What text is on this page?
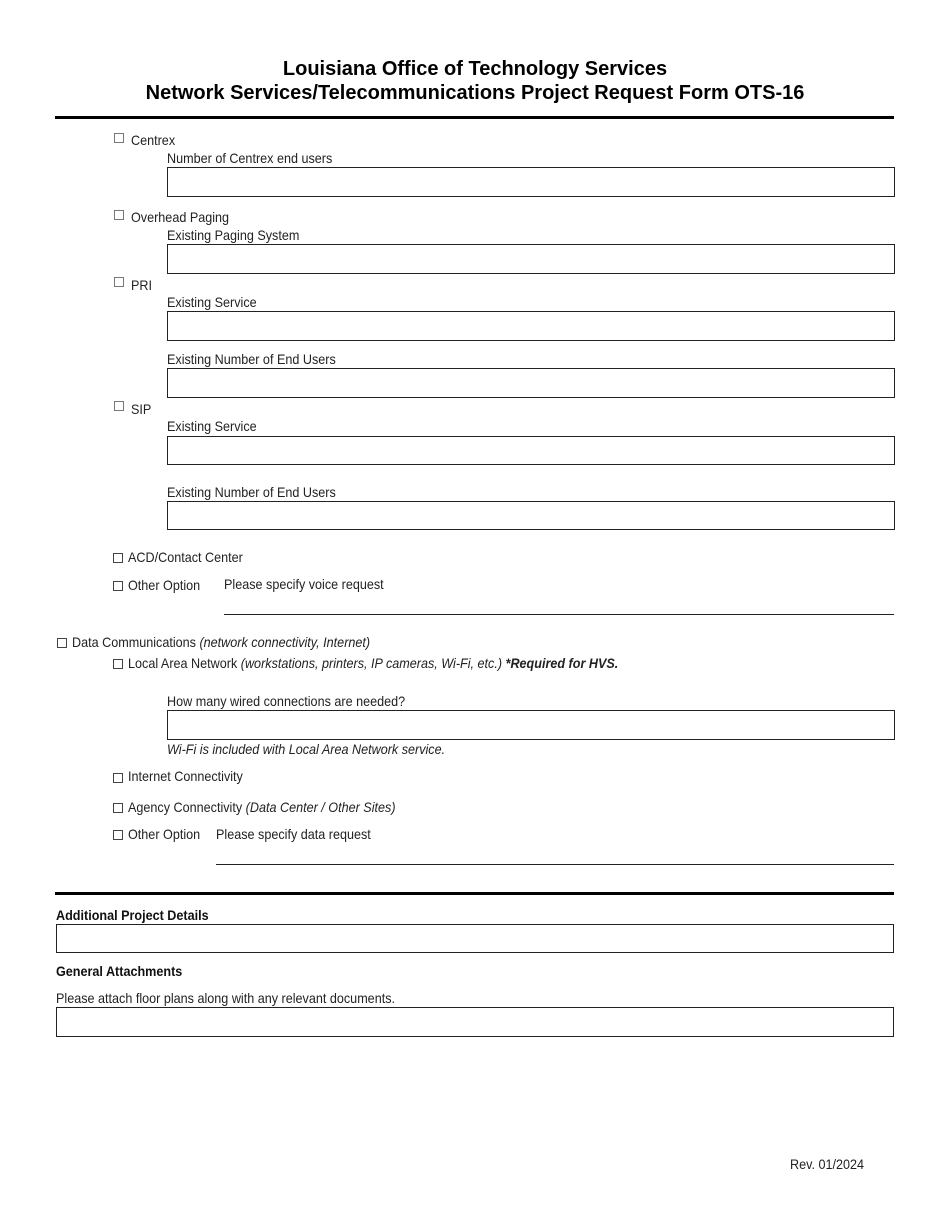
Louisiana Office of Technology Services
Network Services/Telecommunications Project Request Form OTS-16
Centrex
Number of Centrex end users
Overhead Paging
Existing Paging System
PRI
Existing Service
Existing Number of End Users
SIP
Existing Service
Existing Number of End Users
ACD/Contact Center
Other Option Please specify voice request
Data Communications (network connectivity, Internet)
Local Area Network (workstations, printers, IP cameras, Wi-Fi, etc.) *Required for HVS.
How many wired connections are needed?
Wi-Fi is included with Local Area Network service.
Internet Connectivity
Agency Connectivity (Data Center / Other Sites)
Other Option Please specify data request
Additional Project Details
General Attachments
Please attach floor plans along with any relevant documents.
Rev. 01/2024
